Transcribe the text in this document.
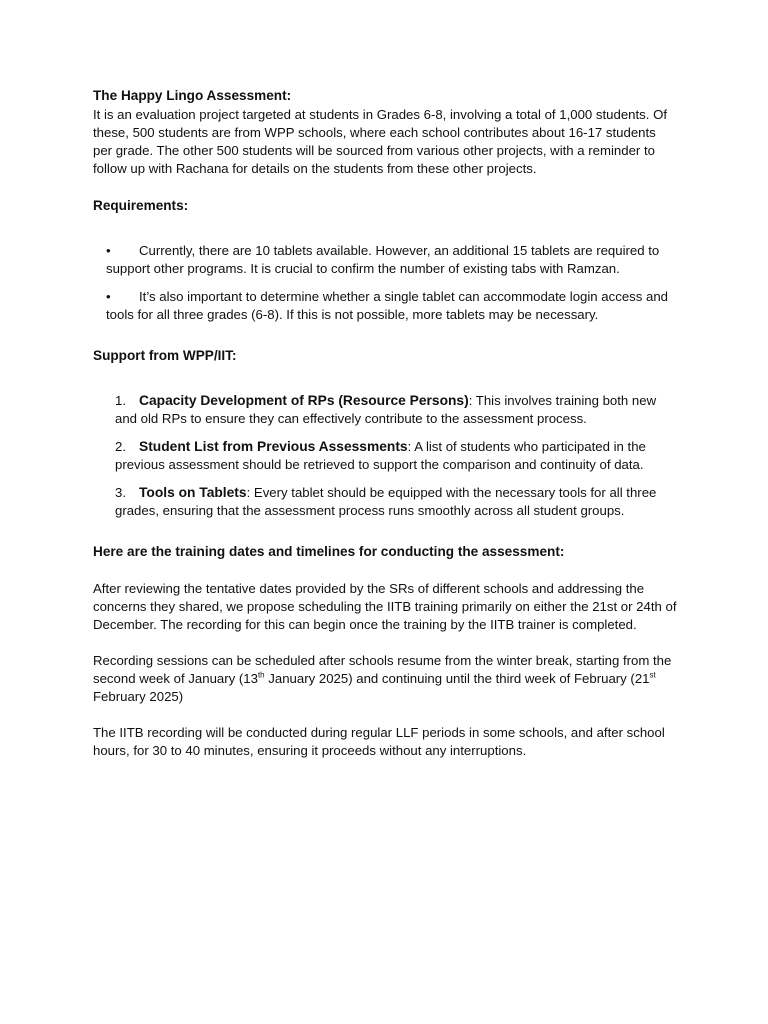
The Happy Lingo Assessment:

It is an evaluation project targeted at students in Grades 6-8, involving a total of 1,000 students. Of these, 500 students are from WPP schools, where each school contributes about 16-17 students per grade. The other 500 students will be sourced from various other projects, with a reminder to follow up with Rachana for details on the students from these other projects.

Requirements:
• Currently, there are 10 tablets available. However, an additional 15 tablets are required to support other programs. It is crucial to confirm the number of existing tabs with Ramzan.
• It’s also important to determine whether a single tablet can accommodate login access and tools for all three grades (6-8). If this is not possible, more tablets may be necessary.
Support from WPP/IIT:
1. Capacity Development of RPs (Resource Persons): This involves training both new and old RPs to ensure they can effectively contribute to the assessment process.
2. Student List from Previous Assessments: A list of students who participated in the previous assessment should be retrieved to support the comparison and continuity of data.
3. Tools on Tablets: Every tablet should be equipped with the necessary tools for all three grades, ensuring that the assessment process runs smoothly across all student groups.
Here are the training dates and timelines for conducting the assessment:

After reviewing the tentative dates provided by the SRs of different schools and addressing the concerns they shared, we propose scheduling the IITB training primarily on either the 21st or 24th of December. The recording for this can begin once the training by the IITB trainer is completed.

Recording sessions can be scheduled after schools resume from the winter break, starting from the second week of January (13th January 2025) and continuing until the third week of February (21st February 2025)

The IITB recording will be conducted during regular LLF periods in some schools, and after school hours, for 30 to 40 minutes, ensuring it proceeds without any interruptions.
